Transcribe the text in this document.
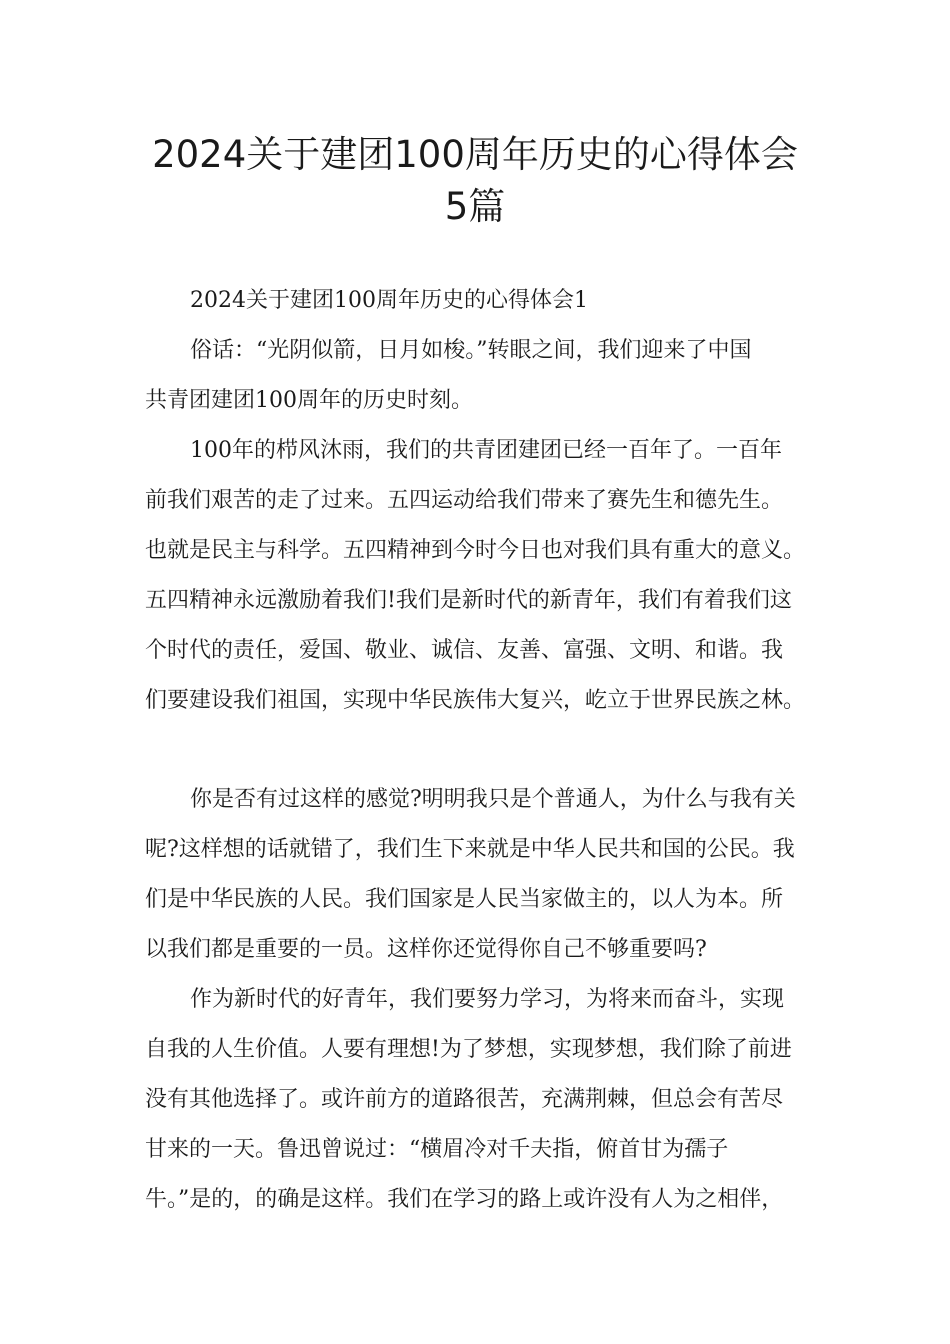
2024关于建团100周年历史的心得体会
5篇
2024关于建团100周年历史的心得体会1
俗话：“光阴似箭，日月如梭。”转眼之间，我们迎来了中国
共青团建团100周年的历史时刻。
100年的栉风沐雨，我们的共青团建团已经一百年了。一百年
前我们艰苦的走了过来。五四运动给我们带来了赛先生和德先生。
也就是民主与科学。五四精神到今时今日也对我们具有重大的意义。
五四精神永远激励着我们!我们是新时代的新青年，我们有着我们这
个时代的责任，爱国、敬业、诚信、友善、富强、文明、和谐。我
们要建设我们祖国，实现中华民族伟大复兴，屹立于世界民族之林。
你是否有过这样的感觉?明明我只是个普通人，为什么与我有关
呢?这样想的话就错了，我们生下来就是中华人民共和国的公民。我
们是中华民族的人民。我们国家是人民当家做主的，以人为本。所
以我们都是重要的一员。这样你还觉得你自己不够重要吗?
作为新时代的好青年，我们要努力学习，为将来而奋斗，实现
自我的人生价值。人要有理想!为了梦想，实现梦想，我们除了前进
没有其他选择了。或许前方的道路很苦，充满荆棘，但总会有苦尽
甘来的一天。鲁迅曾说过：“横眉冷对千夫指，俯首甘为孺子
牛。”是的，的确是这样。我们在学习的路上或许没有人为之相伴，
